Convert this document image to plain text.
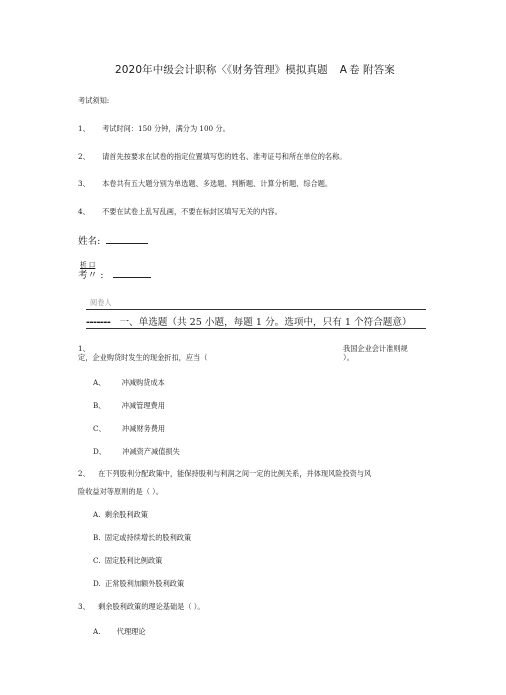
2020年中级会计职称〈《财务管理》模拟真题 A 卷 附答案
考试须知:
1、 考试时间：150 分钟，满分为 100 分。
2、 请首先按要求在试卷的指定位置填写您的姓名、准考证号和所在单位的名称。
3、 本卷共有五大题分别为单选题、多选题、判断题、计算分析题、综合题。
4、 不要在试卷上乱写乱画，不要在标封区填写无关的内容。
姓名:
析 口
考〃 :
阅卷人
------- 一、单选题（共 25 小题，每题 1 分。选项中，只有 1 个符合题意）
1、	我国企业会计准则规
定，企业购货时发生的现金折扣，应当（	）。
A、 冲减购货成本
B、 冲减管理费用
C、 冲减财务费用
D、 冲减资产减值损失
2、 在下列股利分配政策中，能保持股利与利润之间一定的比例关系，并体现风险投资与风
险收益对等原则的是（ ）。
A. 剩余股利政策
B. 固定或持续增长的股利政策
C. 固定股利比例政策
D. 正常股利加额外股利政策
3、 剩余股利政策的理论基础是（ ）。
A. 代理理论
